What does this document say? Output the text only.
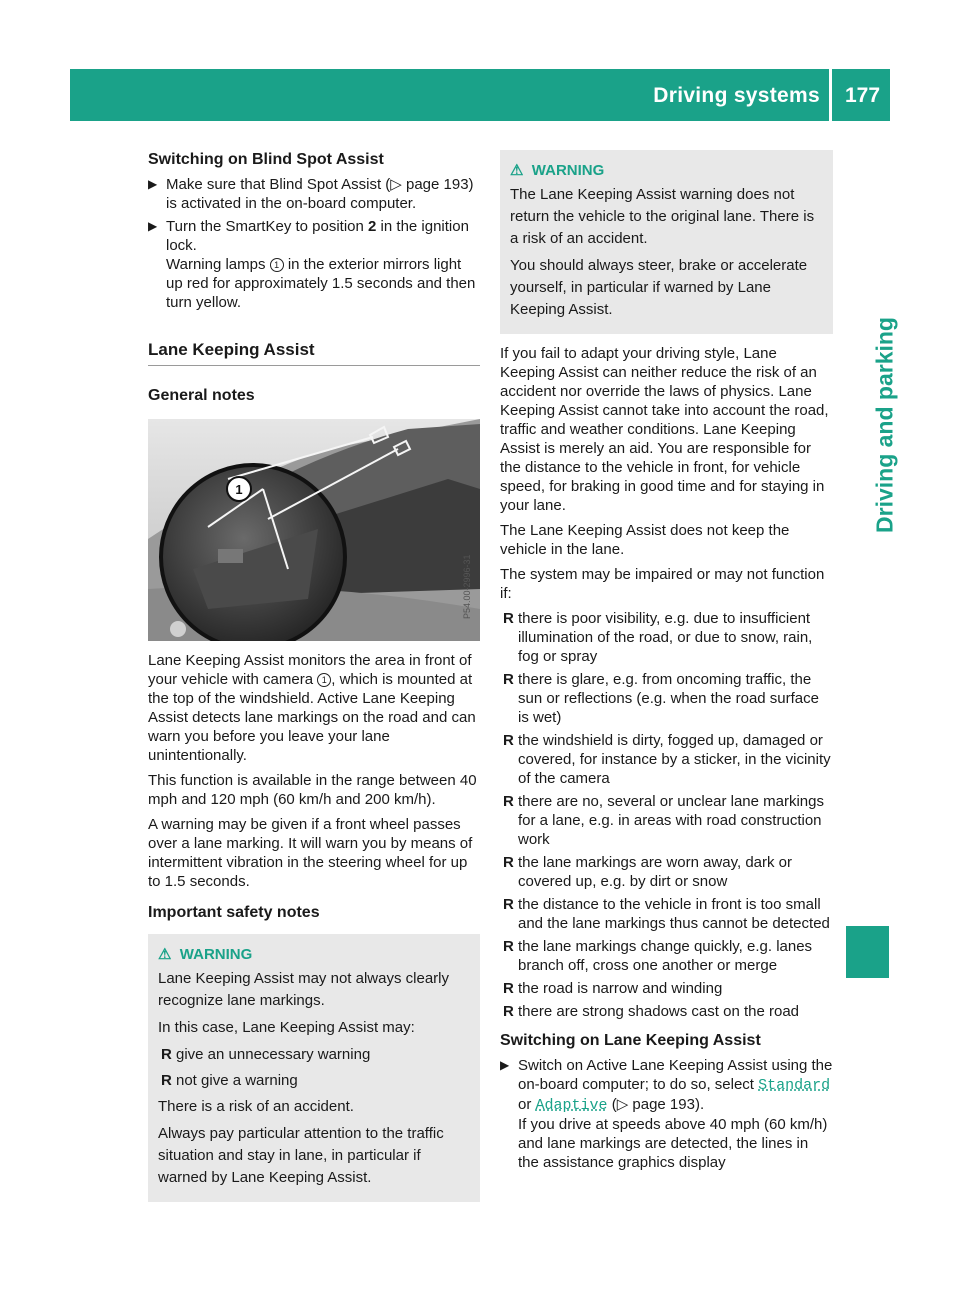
Driving systems 177
Driving and parking
Switching on Blind Spot Assist
▶ Make sure that Blind Spot Assist (▷ page 193) is activated in the on-board computer.
▶ Turn the SmartKey to position 2 in the ignition lock.
Warning lamps 1 in the exterior mirrors light up red for approximately 1.5 seconds and then turn yellow.
Lane Keeping Assist
General notes
1
P54.00-2996-31

Lane Keeping Assist monitors the area in front of your vehicle with camera 1 , which is mounted at the top of the windshield. Active Lane Keeping Assist detects lane markings on the road and can warn you before you leave your lane unintentionally.

This function is available in the range between 40 mph and 120 mph (60 km/h and 200 km/h).

A warning may be given if a front wheel passes over a lane marking. It will warn you by means of intermittent vibration in the steering wheel for up to 1.5 seconds.

Important safety notes
⚠ WARNING

Lane Keeping Assist may not always clearly recognize lane markings.

In this case, Lane Keeping Assist may:

R give an unnecessary warning
R not give a warning

There is a risk of an accident.

Always pay particular attention to the traffic situation and stay in lane, in particular if warned by Lane Keeping Assist.

⚠ WARNING

The Lane Keeping Assist warning does not return the vehicle to the original lane. There is a risk of an accident.

You should always steer, brake or accelerate yourself, in particular if warned by Lane Keeping Assist.

If you fail to adapt your driving style, Lane Keeping Assist can neither reduce the risk of an accident nor override the laws of physics. Lane Keeping Assist cannot take into account the road, traffic and weather conditions. Lane Keeping Assist is merely an aid. You are responsible for the distance to the vehicle in front, for vehicle speed, for braking in good time and for staying in your lane.

The Lane Keeping Assist does not keep the vehicle in the lane.

The system may be impaired or may not function if:

R there is poor visibility, e.g. due to insufficient illumination of the road, or due to snow, rain, fog or spray
R there is glare, e.g. from oncoming traffic, the sun or reflections (e.g. when the road surface is wet)
R the windshield is dirty, fogged up, damaged or covered, for instance by a sticker, in the vicinity of the camera
R there are no, several or unclear lane markings for a lane, e.g. in areas with road construction work
R the lane markings are worn away, dark or covered up, e.g. by dirt or snow
R the distance to the vehicle in front is too small and the lane markings thus cannot be detected
R the lane markings change quickly, e.g. lanes branch off, cross one another or merge
R the road is narrow and winding
R there are strong shadows cast on the road
Switching on Lane Keeping Assist
▶ Switch on Active Lane Keeping Assist using the on-board computer; to do so, select Standard or Adaptive (▷ page 193).
If you drive at speeds above 40 mph (60 km/h) and lane markings are detected, the lines in the assistance graphics display
